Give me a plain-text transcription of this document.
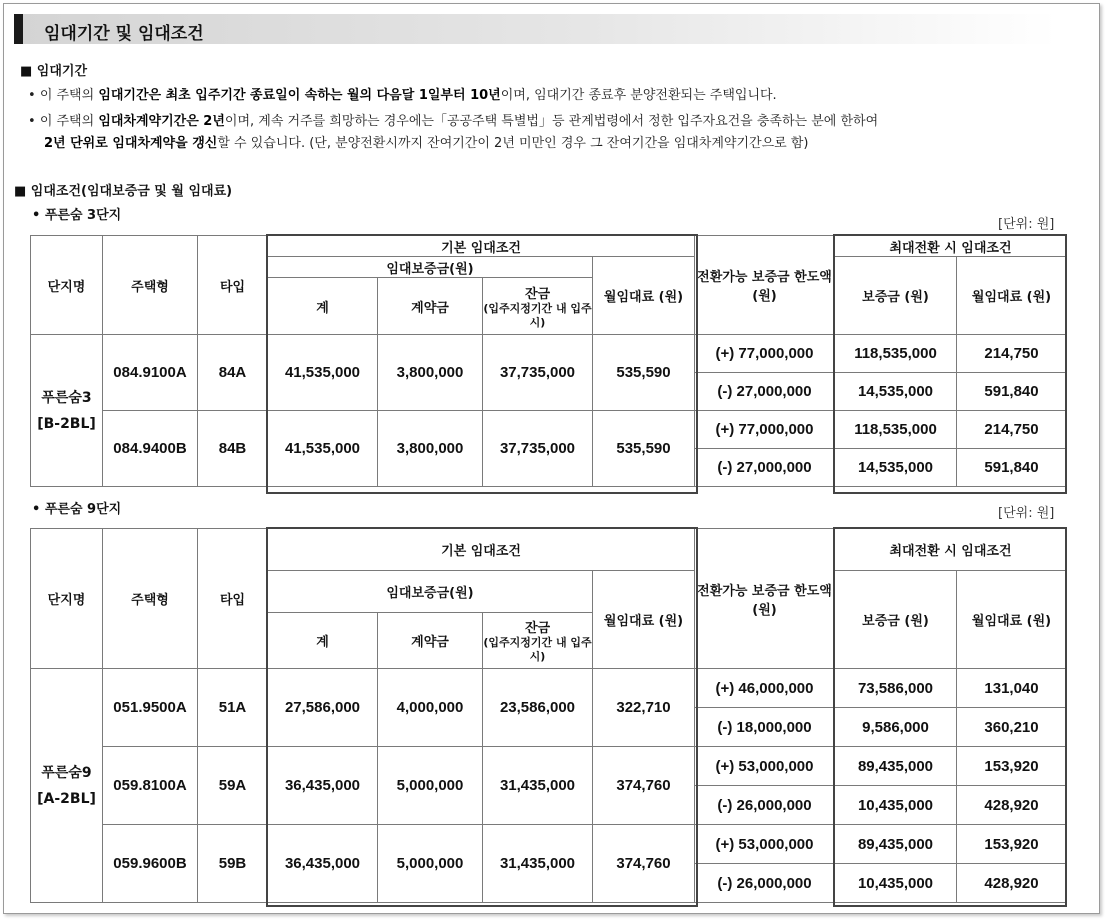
임대기간 및 임대조건
■ 임대기간
• 이 주택의 임대기간은 최초 입주기간 종료일이 속하는 월의 다음달 1일부터 10년이며, 임대기간 종료후 분양전환되는 주택입니다.
• 이 주택의 임대차계약기간은 2년이며, 계속 거주를 희망하는 경우에는「공공주택 특별법」등 관계법령에서 정한 입주자요건을 충족하는 분에 한하여
2년 단위로 임대차계약을 갱신할 수 있습니다. (단, 분양전환시까지 잔여기간이 2년 미만인 경우 그 잔여기간을 임대차계약기간으로 함)
■ 임대조건(임대보증금 및 월 임대료)
• 푸른숨 3단지
[단위: 원]
단지명	주택형	타입	기본 임대조건				전환가능 보증금 한도액(원)	최대전환 시 임대조건	
			임대보증금(원)			월임대료 (원)		보증금 (원)	월임대료 (원)
			계	계약금	잔금
(입주지정기간 내 입주 시)				

푸른숨3
[B-2BL]	084.9100A	84A	41,535,000	3,800,000	37,735,000	535,590	(+) 77,000,000	118,535,000	214,750
							(-) 27,000,000	14,535,000	591,840
	084.9400B	84B	41,535,000	3,800,000	37,735,000	535,590	(+) 77,000,000	118,535,000	214,750
							(-) 27,000,000	14,535,000	591,840
• 푸른숨 9단지	[단위: 원]
단지명	주택형	타입	기본 임대조건				전환가능 보증금 한도액(원)	최대전환 시 임대조건	
			임대보증금(원)			월임대료 (원)		보증금 (원)	월임대료 (원)
			계	계약금	잔금
(입주지정기간 내 입주 시)				

푸른숨9
[A-2BL]	051.9500A	51A	27,586,000	4,000,000	23,586,000	322,710	(+) 46,000,000	73,586,000	131,040
							(-) 18,000,000	9,586,000	360,210
	059.8100A	59A	36,435,000	5,000,000	31,435,000	374,760	(+) 53,000,000	89,435,000	153,920
							(-) 26,000,000	10,435,000	428,920
	059.9600B	59B	36,435,000	5,000,000	31,435,000	374,760	(+) 53,000,000	89,435,000	153,920
							(-) 26,000,000	10,435,000	428,920
